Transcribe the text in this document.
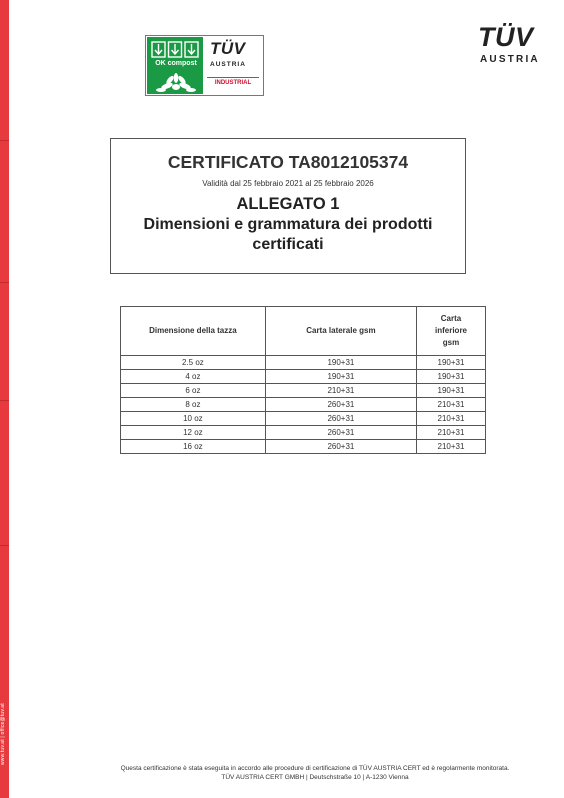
www.tuv.at | office@tuv.at
OK compost
TÜV
AUSTRIA
INDUSTRIAL
TÜV
AUSTRIA
CERTIFICATO TA8012105374
Validità dal 25 febbraio 2021 al 25 febbraio 2026
ALLEGATO 1
Dimensioni e grammatura dei prodotti certificati
Dimensione della tazza	Carta laterale gsm	Carta inferiore gsm
2.5 oz	190+31	190+31
4 oz	190+31	190+31
6 oz	210+31	190+31
8 oz	260+31	210+31
10 oz	260+31	210+31
12 oz	260+31	210+31
16 oz	260+31	210+31
Questa certificazione è stata eseguita in accordo alle procedure di certificazione di TÜV AUSTRIA CERT ed è regolarmente monitorata.
TÜV AUSTRIA CERT GMBH | Deutschstraße 10 | A-1230 Vienna
